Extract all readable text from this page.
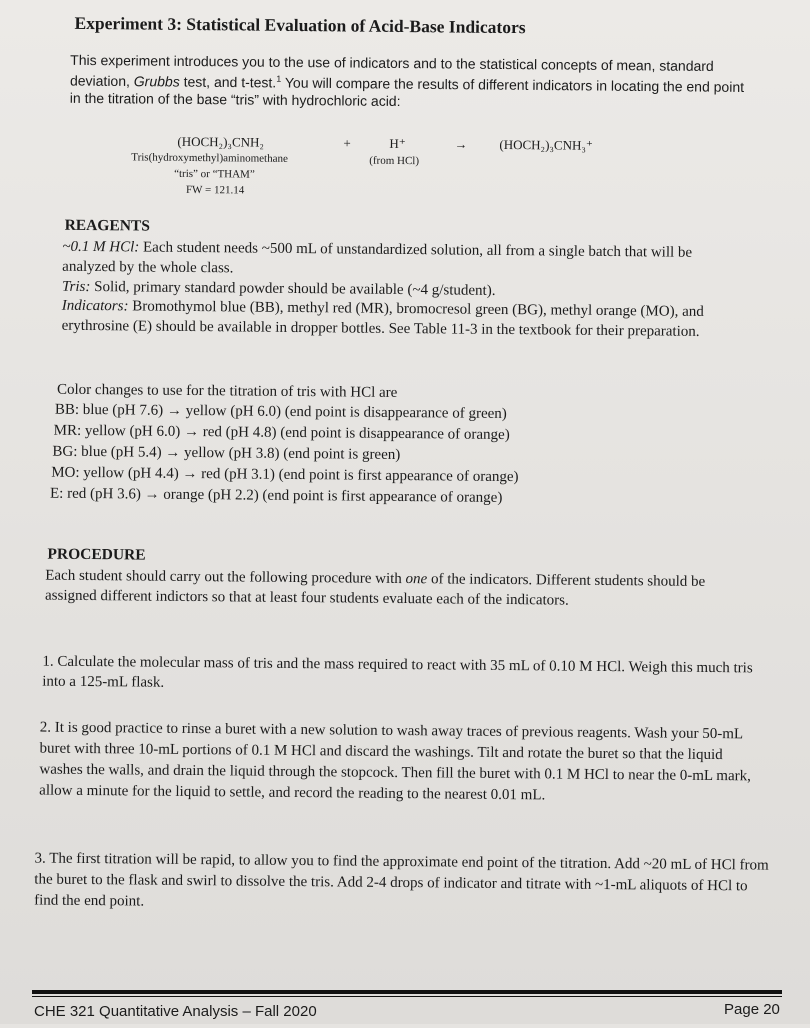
Experiment 3: Statistical Evaluation of Acid-Base Indicators
This experiment introduces you to the use of indicators and to the statistical concepts of mean, standard deviation, Grubbs test, and t-test.$^1$ You will compare the results of different indicators in locating the end point in the titration of the base “tris” with hydrochloric acid:
(HOCH₂)₃CNH₂	+	H⁺	→ (HOCH₂)₃CNH₃⁺
Tris(hydroxymethyl)aminomethane
“tris” or “THAM”
FW = 121.14
(from HCl)
REAGENTS
~0.1 M HCl: Each student needs ~500 mL of unstandardized solution, all from a single batch that will be analyzed by the whole class.
Tris: Solid, primary standard powder should be available (~4 g/student).
Indicators: Bromothymol blue (BB), methyl red (MR), bromocresol green (BG), methyl orange (MO), and erythrosine (E) should be available in dropper bottles. See Table 11-3 in the textbook for their preparation.
Color changes to use for the titration of tris with HCl are
BB: blue (pH 7.6) → yellow (pH 6.0) (end point is disappearance of green)
MR: yellow (pH 6.0) → red (pH 4.8) (end point is disappearance of orange)
BG: blue (pH 5.4) → yellow (pH 3.8) (end point is green)
MO: yellow (pH 4.4) → red (pH 3.1) (end point is first appearance of orange)
E: red (pH 3.6) → orange (pH 2.2) (end point is first appearance of orange)
PROCEDURE
Each student should carry out the following procedure with one of the indicators. Different students should be assigned different indictors so that at least four students evaluate each of the indicators.
1. Calculate the molecular mass of tris and the mass required to react with 35 mL of 0.10 M HCl. Weigh this much tris into a 125-mL flask.
2. It is good practice to rinse a buret with a new solution to wash away traces of previous reagents. Wash your 50-mL buret with three 10-mL portions of 0.1 M HCl and discard the washings. Tilt and rotate the buret so that the liquid washes the walls, and drain the liquid through the stopcock. Then fill the buret with 0.1 M HCl to near the 0-mL mark, allow a minute for the liquid to settle, and record the reading to the nearest 0.01 mL.
3. The first titration will be rapid, to allow you to find the approximate end point of the titration. Add ~20 mL of HCl from the buret to the flask and swirl to dissolve the tris. Add 2-4 drops of indicator and titrate with ~1-mL aliquots of HCl to find the end point.
CHE 321 Quantitative Analysis – Fall 2020	Page 20
